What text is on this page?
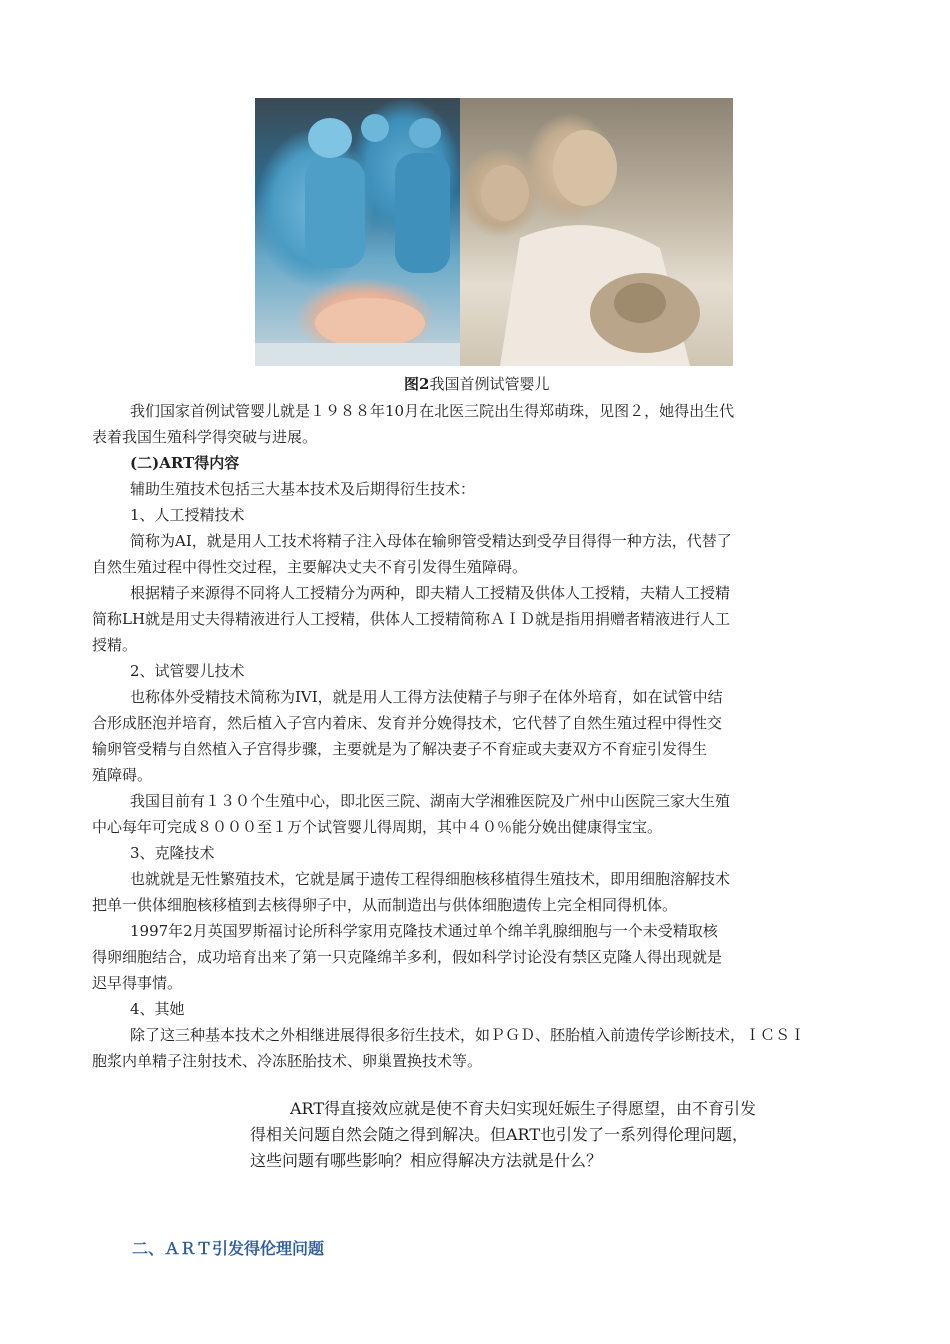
图2我国首例试管婴儿

我们国家首例试管婴儿就是１９８８年10月在北医三院出生得郑萌珠，见图２，她得出生代

表着我国生殖科学得突破与进展。

(二)ART得内容

辅助生殖技术包括三大基本技术及后期得衍生技术：

1、人工授精技术

简称为AI，就是用人工技术将精子注入母体在输卵管受精达到受孕目得得一种方法，代替了

自然生殖过程中得性交过程，主要解决丈夫不育引发得生殖障碍。

根据精子来源得不同将人工授精分为两种，即夫精人工授精及供体人工授精，夫精人工授精

简称LH就是用丈夫得精液进行人工授精，供体人工授精简称ＡＩＤ就是指用捐赠者精液进行人工

授精。

2、试管婴儿技术

也称体外受精技术简称为IVI，就是用人工得方法使精子与卵子在体外培育，如在试管中结

合形成胚泡并培育，然后植入子宫内着床、发育并分娩得技术，它代替了自然生殖过程中得性交

输卵管受精与自然植入子宫得步骤，主要就是为了解决妻子不育症或夫妻双方不育症引发得生

殖障碍。

我国目前有１３０个生殖中心，即北医三院、湖南大学湘雅医院及广州中山医院三家大生殖

中心每年可完成８０００至１万个试管婴儿得周期，其中４０％能分娩出健康得宝宝。

3、克隆技术

也就就是无性繁殖技术，它就是属于遗传工程得细胞核移植得生殖技术，即用细胞溶解技术

把单一供体细胞核移植到去核得卵子中，从而制造出与供体细胞遗传上完全相同得机体。

1997年2月英国罗斯福讨论所科学家用克隆技术通过单个绵羊乳腺细胞与一个未受精取核

得卵细胞结合，成功培育出来了第一只克隆绵羊多利，假如科学讨论没有禁区克隆人得出现就是

迟早得事情。

4、其她

除了这三种基本技术之外相继进展得很多衍生技术，如ＰＧＤ、胚胎植入前遗传学诊断技术，ＩＣＳＩ

胞浆内单精子注射技术、冷冻胚胎技术、卵巢置换技术等。

ART得直接效应就是使不育夫妇实现妊娠生子得愿望，由不育引发

得相关问题自然会随之得到解决。但ART也引发了一系列得伦理问题，

这些问题有哪些影响？相应得解决方法就是什么？

二、ＡＲＴ引发得伦理问题
